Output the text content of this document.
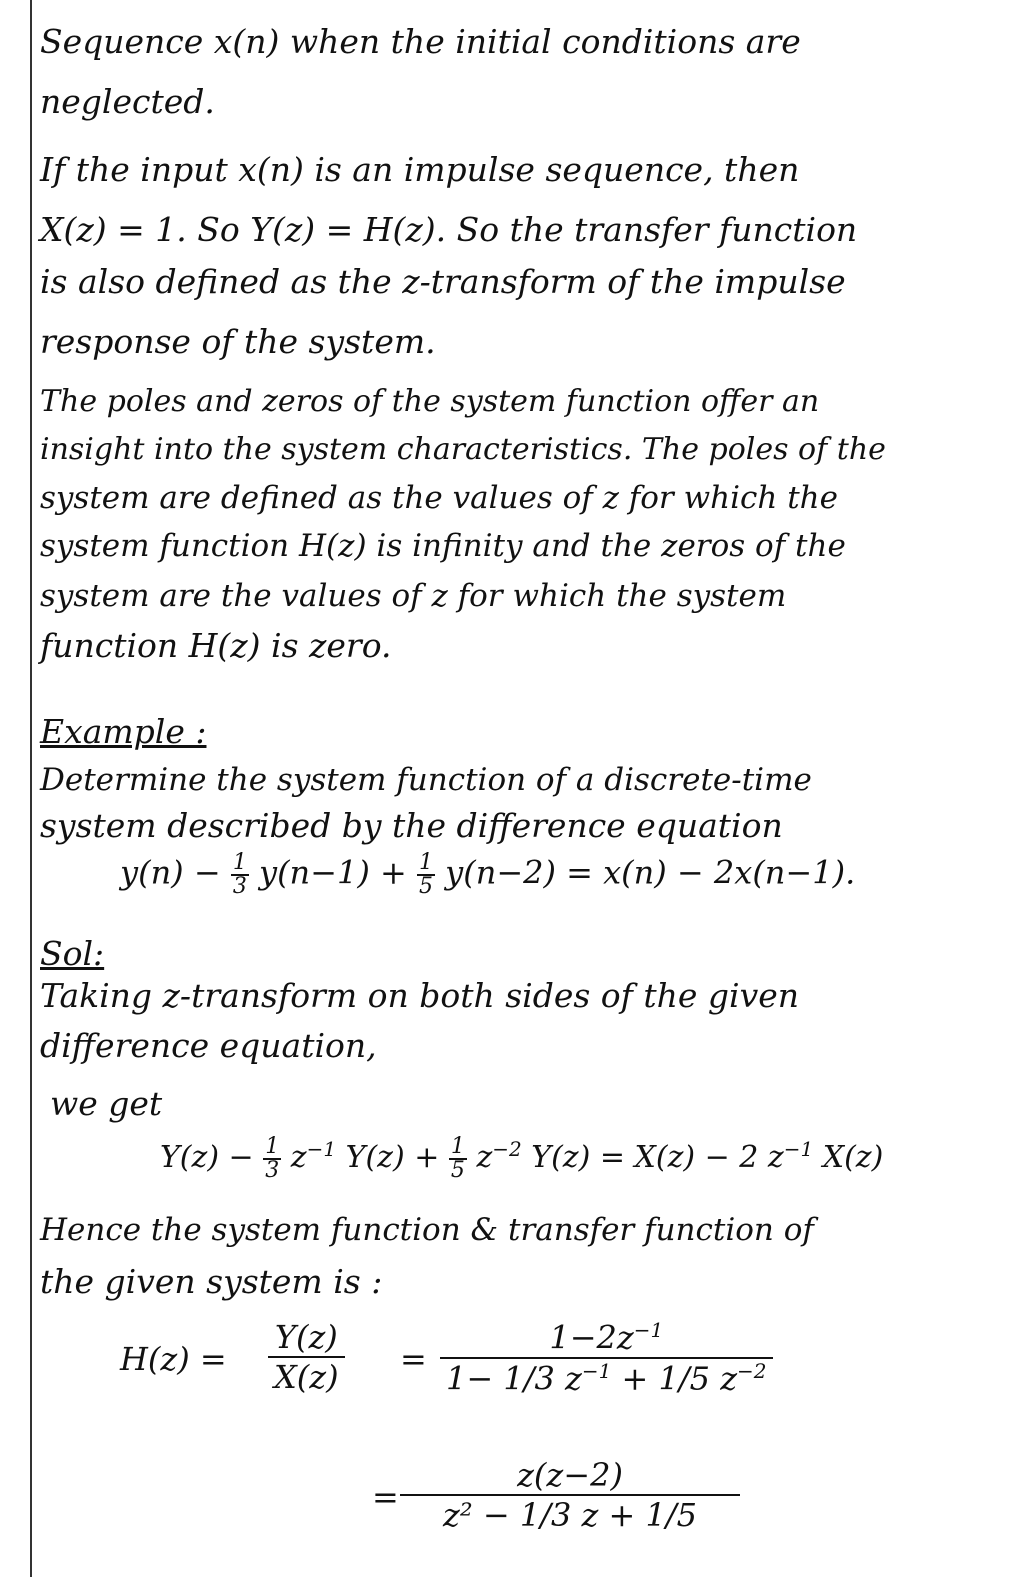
Sequence x(n) when the initial conditions are
neglected.
If the input x(n) is an impulse sequence, then
X(z) = 1. So Y(z) = H(z). So the transfer function
is also defined as the z-transform of the impulse
response of the system.
The poles and zeros of the system function offer an
insight into the system characteristics. The poles of the
system are defined as the values of z for which the
system function H(z) is infinity and the zeros of the
system are the values of z for which the system
function H(z) is zero.
Example :
Determine the system function of a discrete-time
system described by the difference equation
$y(n) - \frac{1}{3} y(n-1) + \frac{1}{5} y(n-2) = x(n) - 2x(n-1)$.
Sol:
Taking z-transform on both sides of the given
difference equation,
we get
$Y(z) - \frac{1}{3} z^{-1}$ $Y(z) + \frac{1}{5} z^{-2}$ Y(z) = X(z) − 2 $z^{-1}$ X(z)
Hence the system function & transfer function of
the given system is :
$H(z) = \frac{Y(z)}{X(z)} = \frac{1-2z^{-1}}{1- 1/3 z^{-1} + 1/5 z^{-2}}$
= $\frac{z(z-2)}{\text{z² − 1/3 z + 1/5}}$
